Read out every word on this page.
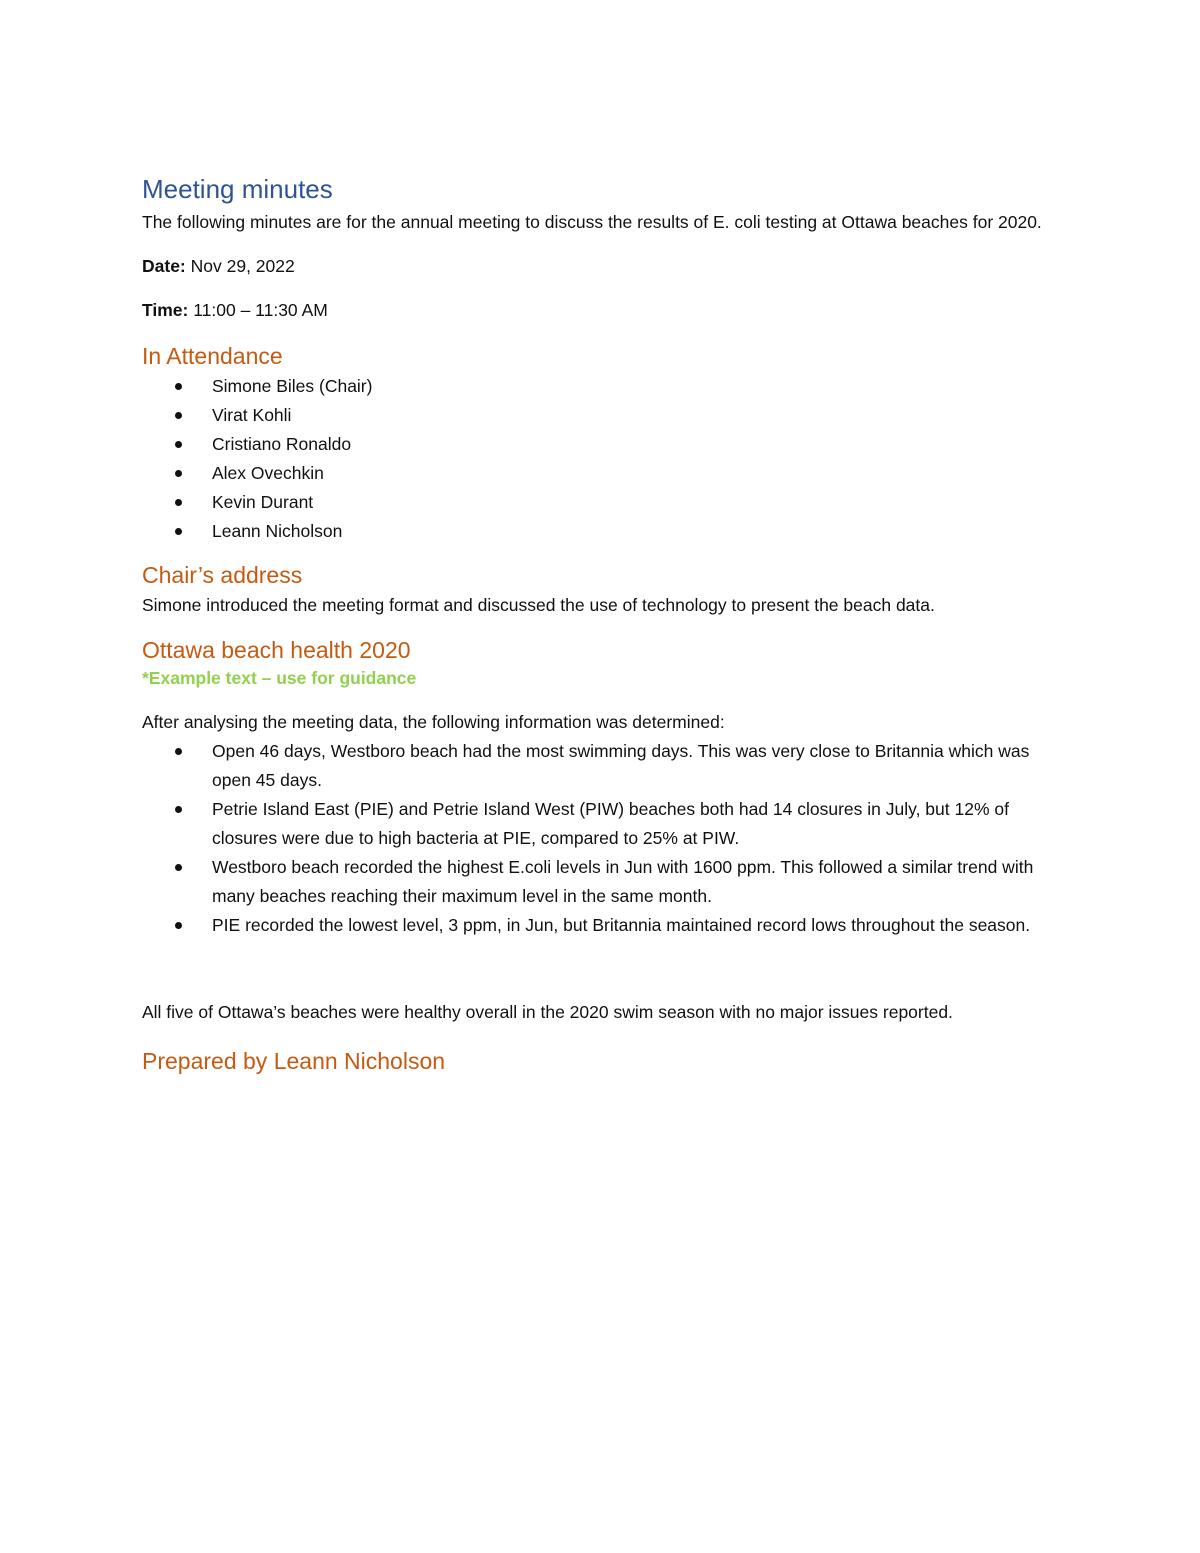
Meeting minutes

The following minutes are for the annual meeting to discuss the results of E. coli testing at Ottawa beaches for 2020.

Date: Nov 29, 2022

Time: 11:00 – 11:30 AM

In Attendance
Simone Biles (Chair)
Virat Kohli
Cristiano Ronaldo
Alex Ovechkin
Kevin Durant
Leann Nicholson
Chair’s address

Simone introduced the meeting format and discussed the use of technology to present the beach data.

Ottawa beach health 2020

*Example text – use for guidance

After analysing the meeting data, the following information was determined:

Open 46 days, Westboro beach had the most swimming days. This was very close to Britannia which was open 45 days.
Petrie Island East (PIE) and Petrie Island West (PIW) beaches both had 14 closures in July, but 12% of closures were due to high bacteria at PIE, compared to 25% at PIW.
Westboro beach recorded the highest E.coli levels in Jun with 1600 ppm. This followed a similar trend with many beaches reaching their maximum level in the same month.
PIE recorded the lowest level, 3 ppm, in Jun, but Britannia maintained record lows throughout the season.

All five of Ottawa’s beaches were healthy overall in the 2020 swim season with no major issues reported.

Prepared by Leann Nicholson
